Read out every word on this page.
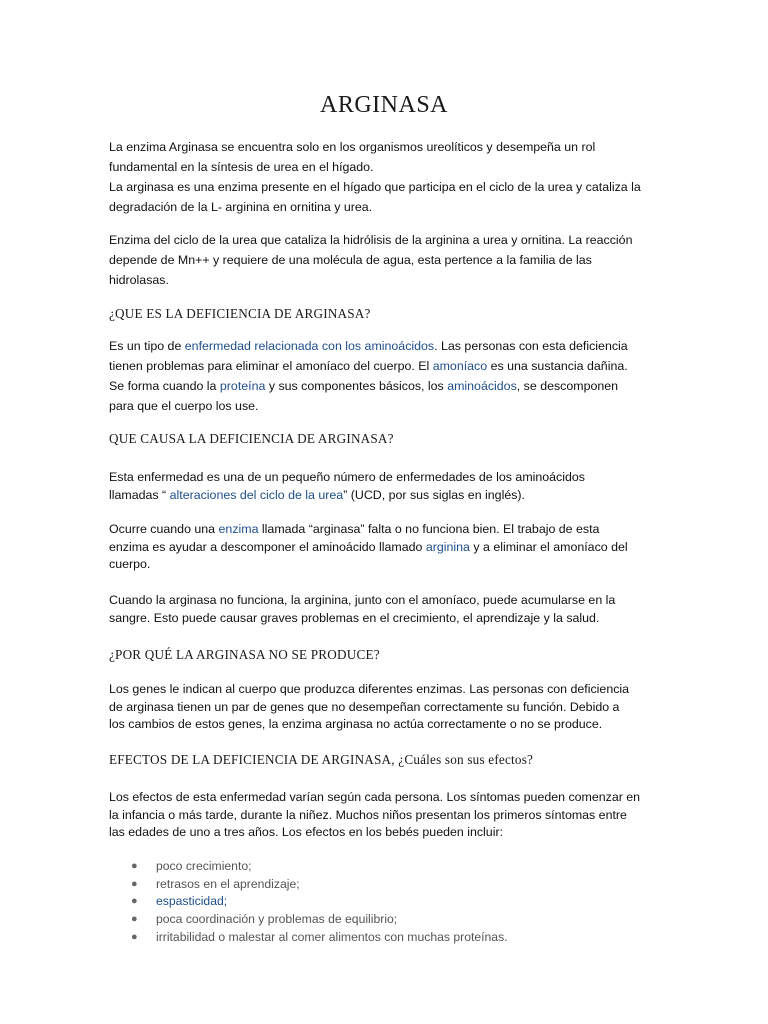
ARGINASA

La enzima Arginasa se encuentra solo en los organismos ureolíticos y desempeña un rol
fundamental en la síntesis de urea en el hígado.
La arginasa es una enzima presente en el hígado que participa en el ciclo de la urea y cataliza la
degradación de la L- arginina en ornitina y urea.

Enzima del ciclo de la urea que cataliza la hidrólisis de la arginina a urea y ornitina. La reacción
depende de Mn++ y requiere de una molécula de agua, esta pertence a la familia de las
hidrolasas.

¿QUE ES LA DEFICIENCIA DE ARGINASA?

Es un tipo de enfermedad relacionada con los aminoácidos. Las personas con esta deficiencia
tienen problemas para eliminar el amoníaco del cuerpo. El amoníaco es una sustancia dañina.
Se forma cuando la proteína y sus componentes básicos, los aminoácidos, se descomponen
para que el cuerpo los use.

QUE CAUSA LA DEFICIENCIA DE ARGINASA?

Esta enfermedad es una de un pequeño número de enfermedades de los aminoácidos
llamadas “ alteraciones del ciclo de la urea” (UCD, por sus siglas en inglés).

Ocurre cuando una enzima llamada “arginasa” falta o no funciona bien. El trabajo de esta
enzima es ayudar a descomponer el aminoácido llamado arginina y a eliminar el amoníaco del
cuerpo.

Cuando la arginasa no funciona, la arginina, junto con el amoníaco, puede acumularse en la
sangre. Esto puede causar graves problemas en el crecimiento, el aprendizaje y la salud.

¿POR QUÉ LA ARGINASA NO SE PRODUCE?

Los genes le indican al cuerpo que produzca diferentes enzimas. Las personas con deficiencia
de arginasa tienen un par de genes que no desempeñan correctamente su función. Debido a
los cambios de estos genes, la enzima arginasa no actúa correctamente o no se produce.

EFECTOS DE LA DEFICIENCIA DE ARGINASA, ¿Cuáles son sus efectos?

Los efectos de esta enfermedad varían según cada persona. Los síntomas pueden comenzar en
la infancia o más tarde, durante la niñez. Muchos niños presentan los primeros síntomas entre
las edades de uno a tres años. Los efectos en los bebés pueden incluir:

● poco crecimiento;
● retrasos en el aprendizaje;
● espasticidad;
● poca coordinación y problemas de equilibrio;
● irritabilidad o malestar al comer alimentos con muchas proteínas.
